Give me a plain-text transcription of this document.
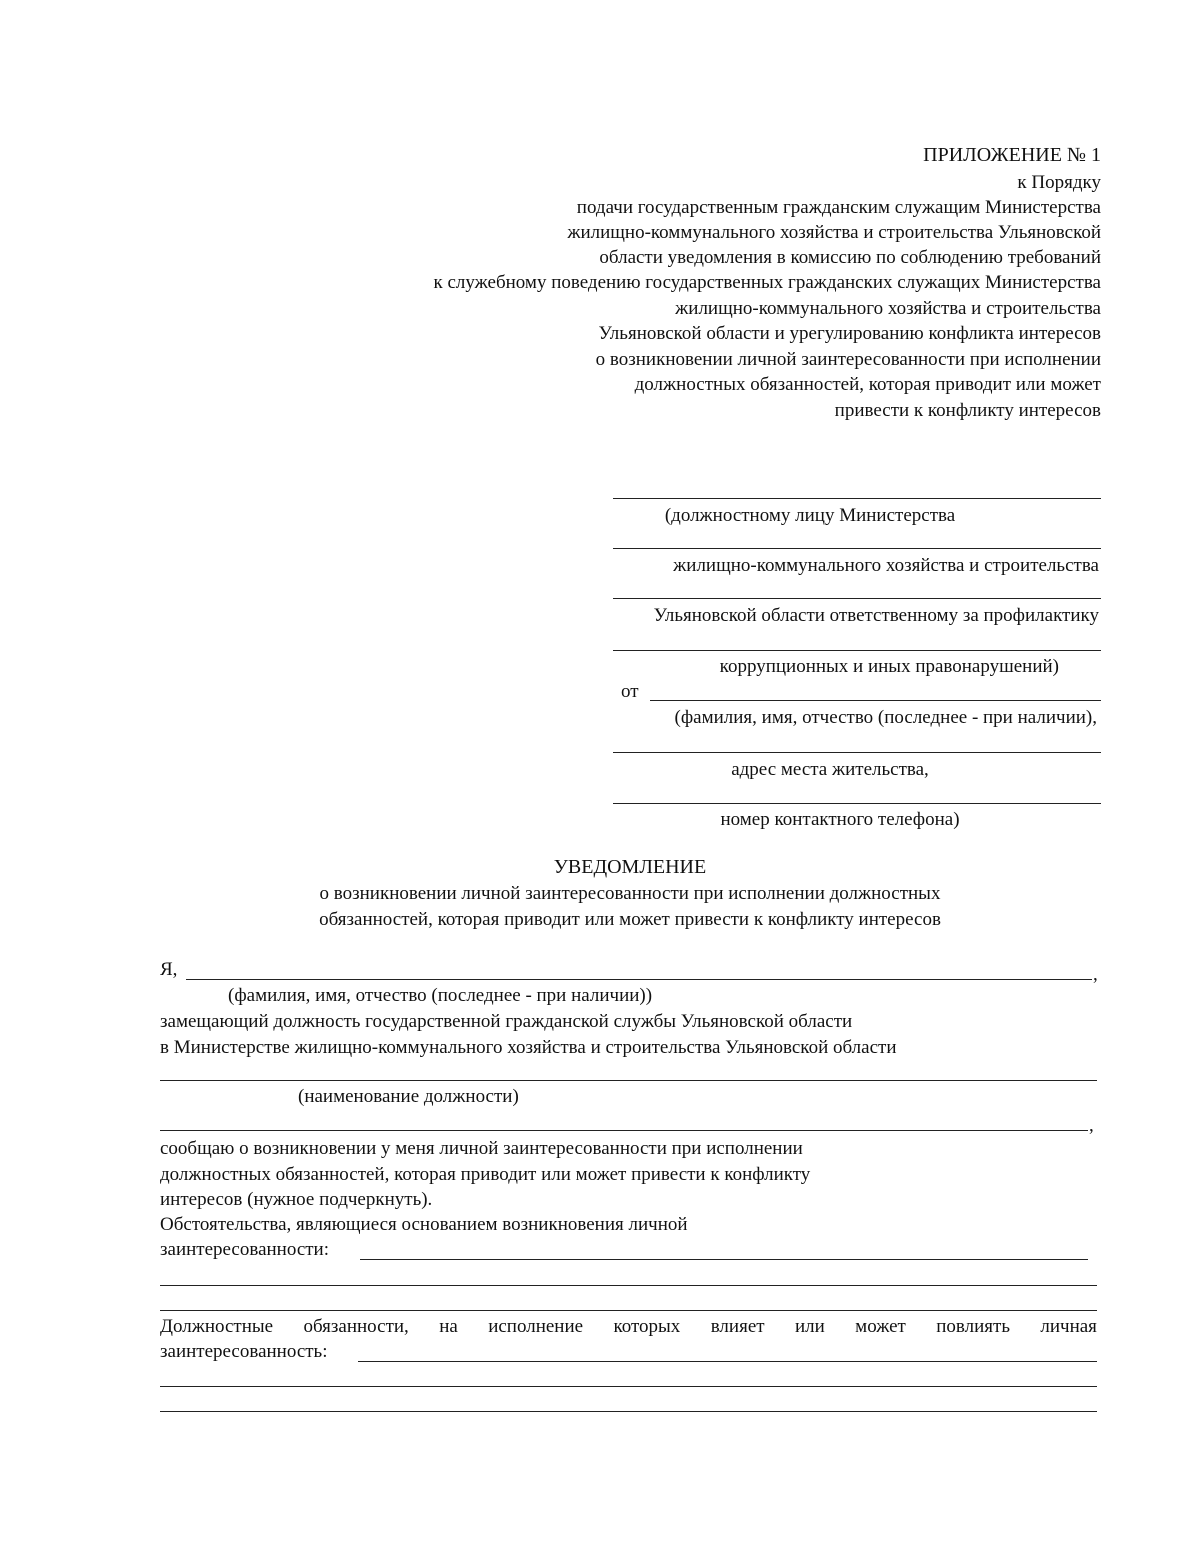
ПРИЛОЖЕНИЕ № 1
к Порядку
подачи государственным гражданским служащим Министерства
жилищно-коммунального хозяйства и строительства Ульяновской
области уведомления в комиссию по соблюдению требований
к служебному поведению государственных гражданских служащих Министерства
жилищно-коммунального хозяйства и строительства
Ульяновской области и урегулированию конфликта интересов
о возникновении личной заинтересованности при исполнении
должностных обязанностей, которая приводит или может
привести к конфликту интересов
(должностному лицу Министерства
жилищно-коммунального хозяйства и строительства
Ульяновской области ответственному за профилактику
коррупционных и иных правонарушений)
от
(фамилия, имя, отчество (последнее - при наличии),
адрес места жительства,
номер контактного телефона)
УВЕДОМЛЕНИЕ
о возникновении личной заинтересованности при исполнении должностных
обязанностей, которая приводит или может привести к конфликту интересов
Я,	,
(фамилия, имя, отчество (последнее - при наличии))
замещающий должность государственной гражданской службы Ульяновской области
в Министерстве жилищно-коммунального хозяйства и строительства Ульяновской области
(наименование должности)
,
сообщаю о возникновении у меня личной заинтересованности при исполнении
должностных обязанностей, которая приводит или может привести к конфликту
интересов (нужное подчеркнуть).
Обстоятельства, являющиеся основанием возникновения личной
заинтересованности:
Должностные обязанности, на исполнение которых влияет или может повлиять личная
заинтересованность:
